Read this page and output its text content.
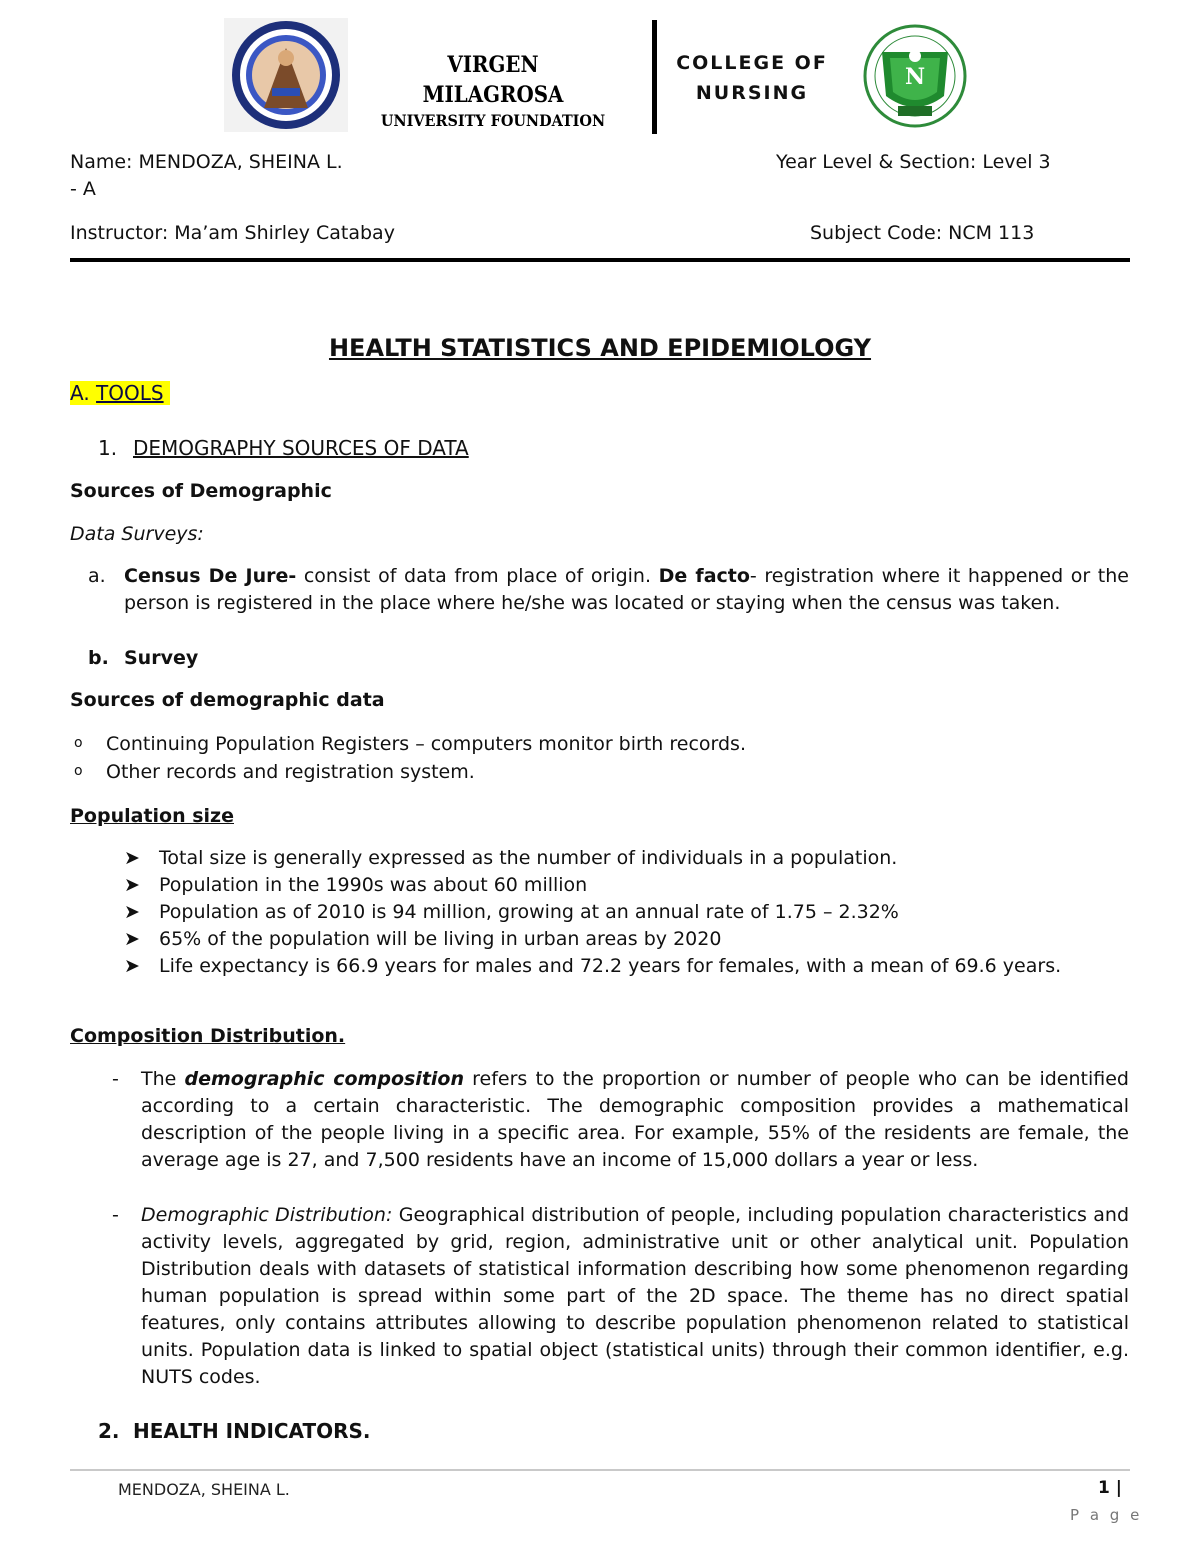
VIRGEN MILAGROSA
UNIVERSITY FOUNDATION
COLLEGE OF
NURSING
N
Name: MENDOZA, SHEINA L.	Year Level & Section: Level 3
- A
Instructor: Ma’am Shirley Catabay	Subject Code: NCM 113
HEALTH STATISTICS AND EPIDEMIOLOGY
A. TOOLS
1. DEMOGRAPHY SOURCES OF DATA
Sources of Demographic
Data Surveys:
a. Census De Jure- consist of data from place of origin. De facto- registration where it happened or the person is registered in the place where he/she was located or staying when the census was taken.
b. Survey
Sources of demographic data
o Continuing Population Registers – computers monitor birth records.
o Other records and registration system.
Population size
➤ Total size is generally expressed as the number of individuals in a population.
➤ Population in the 1990s was about 60 million
➤ Population as of 2010 is 94 million, growing at an annual rate of 1.75 – 2.32%
➤ 65% of the population will be living in urban areas by 2020
➤ Life expectancy is 66.9 years for males and 72.2 years for females, with a mean of 69.6 years.
Composition Distribution.
- The demographic composition refers to the proportion or number of people who can be identified according to a certain characteristic. The demographic composition provides a mathematical description of the people living in a specific area. For example, 55% of the residents are female, the average age is 27, and 7,500 residents have an income of 15,000 dollars a year or less.
- Demographic Distribution: Geographical distribution of people, including population characteristics and activity levels, aggregated by grid, region, administrative unit or other analytical unit. Population Distribution deals with datasets of statistical information describing how some phenomenon regarding human population is spread within some part of the 2D space. The theme has no direct spatial features, only contains attributes allowing to describe population phenomenon related to statistical units. Population data is linked to spatial object (statistical units) through their common identifier, e.g. NUTS codes.
2. HEALTH INDICATORS.
MENDOZA, SHEINA L.	1 |
P a g e
